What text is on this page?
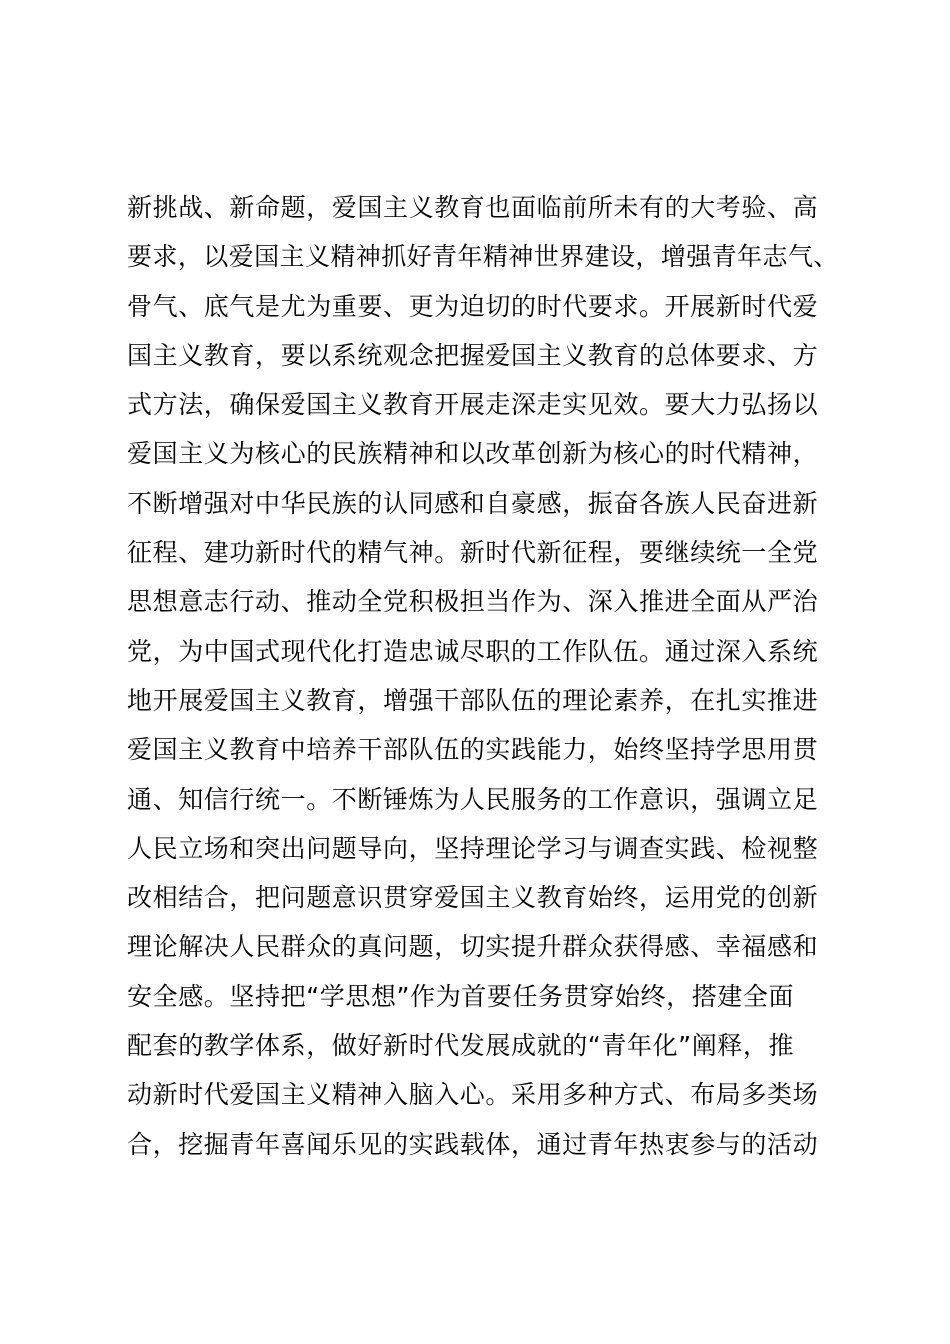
新挑战、新命题，爱国主义教育也面临前所未有的大考验、高
要求，以爱国主义精神抓好青年精神世界建设，增强青年志气、
骨气、底气是尤为重要、更为迫切的时代要求。开展新时代爱
国主义教育，要以系统观念把握爱国主义教育的总体要求、方
式方法，确保爱国主义教育开展走深走实见效。要大力弘扬以
爱国主义为核心的民族精神和以改革创新为核心的时代精神，
不断增强对中华民族的认同感和自豪感，振奋各族人民奋进新
征程、建功新时代的精气神。新时代新征程，要继续统一全党
思想意志行动、推动全党积极担当作为、深入推进全面从严治
党，为中国式现代化打造忠诚尽职的工作队伍。通过深入系统
地开展爱国主义教育，增强干部队伍的理论素养，在扎实推进
爱国主义教育中培养干部队伍的实践能力，始终坚持学思用贯
通、知信行统一。不断锤炼为人民服务的工作意识，强调立足
人民立场和突出问题导向，坚持理论学习与调查实践、检视整
改相结合，把问题意识贯穿爱国主义教育始终，运用党的创新
理论解决人民群众的真问题，切实提升群众获得感、幸福感和
安全感。坚持把“学思想”作为首要任务贯穿始终，搭建全面
配套的教学体系，做好新时代发展成就的“青年化”阐释，推
动新时代爱国主义精神入脑入心。采用多种方式、布局多类场
合，挖掘青年喜闻乐见的实践载体，通过青年热衷参与的活动
